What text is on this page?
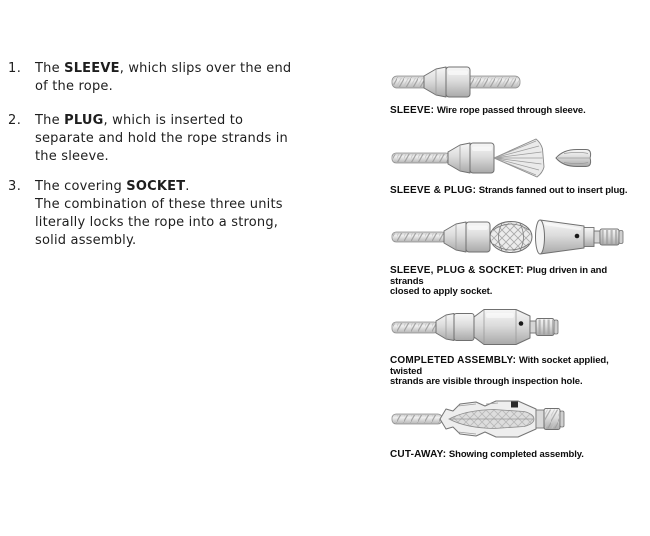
1.	The SLEEVE, which slips over the end
of the rope.
2.	The PLUG, which is inserted to
separate and hold the rope strands in
the sleeve.
3.	The covering SOCKET.
The combination of these three units
literally locks the rope into a strong,
solid assembly.
SLEEVE: Wire rope passed through sleeve.
SLEEVE & PLUG: Strands fanned out to insert plug.
SLEEVE, PLUG & SOCKET: Plug driven in and strands
closed to apply socket.
COMPLETED ASSEMBLY: With socket applied, twisted
strands are visible through inspection hole.
CUT-AWAY: Showing completed assembly.
